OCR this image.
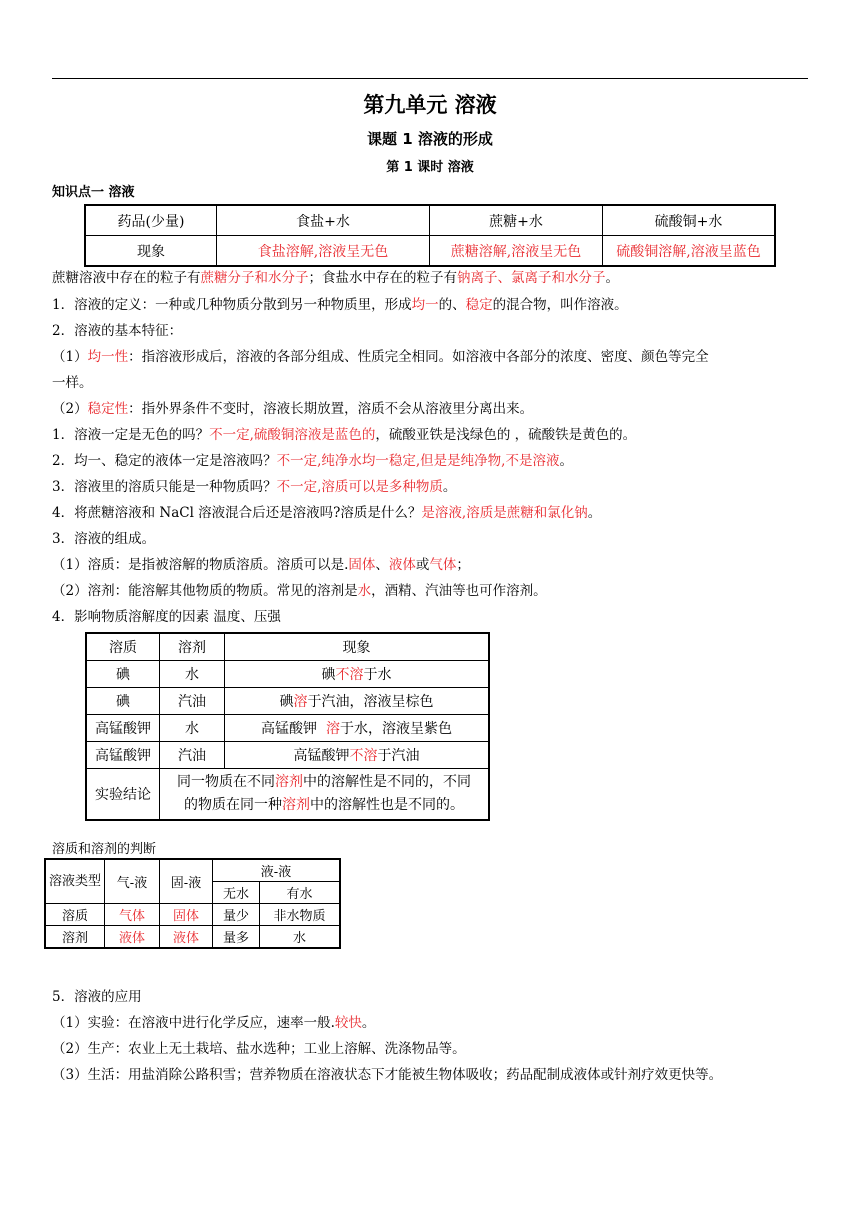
第九单元 溶液
课题 1 溶液的形成
第 1 课时 溶液
知识点一 溶液
药品(少量)	食盐+水	蔗糖+水	硫酸铜+水
现象	食盐溶解,溶液呈无色	蔗糖溶解,溶液呈无色	硫酸铜溶解,溶液呈蓝色
蔗糖溶液中存在的粒子有蔗糖分子和水分子；食盐水中存在的粒子有钠离子、氯离子和水分子。
1．溶液的定义：一种或几种物质分散到另一种物质里，形成均一的、稳定的混合物，叫作溶液。
2．溶液的基本特征：
（1）均一性：指溶液形成后，溶液的各部分组成、性质完全相同。如溶液中各部分的浓度、密度、颜色等完全
一样。
（2）稳定性：指外界条件不变时，溶液长期放置，溶质不会从溶液里分离出来。
1．溶液一定是无色的吗？不一定,硫酸铜溶液是蓝色的，硫酸亚铁是浅绿色的 ，硫酸铁是黄色的。
2．均一、稳定的液体一定是溶液吗？不一定,纯净水均一稳定,但是是纯净物,不是溶液。
3．溶液里的溶质只能是一种物质吗？不一定,溶质可以是多种物质。
4．将蔗糖溶液和 NaCl 溶液混合后还是溶液吗?溶质是什么？是溶液,溶质是蔗糖和氯化钠。
3．溶液的组成。
（1）溶质：是指被溶解的物质溶质。溶质可以是.固体、液体或气体；
（2）溶剂：能溶解其他物质的物质。常见的溶剂是水，酒精、汽油等也可作溶剂。
4．影响物质溶解度的因素 温度、压强
溶质	溶剂	现象
碘	水	碘不溶于水
碘	汽油	碘溶于汽油，溶液呈棕色
高锰酸钾	水	高锰酸钾  溶于水，溶液呈紫色
高锰酸钾	汽油	高锰酸钾不溶于汽油
实验结论	同一物质在不同溶剂中的溶解性是不同的，不同
的物质在同一种溶剂中的溶解性也是不同的。	
溶质和溶剂的判断
溶液类型	气-液	固-液	液-液	
			无水	有水
溶质	气体	固体	量少	非水物质
溶剂	液体	液体	量多	水
5．溶液的应用
（1）实验：在溶液中进行化学反应，速率一般.较快。
（2）生产：农业上无土栽培、盐水选种；工业上溶解、洗涤物品等。
（3）生活：用盐消除公路积雪；营养物质在溶液状态下才能被生物体吸收；药品配制成液体或针剂疗效更快等。
